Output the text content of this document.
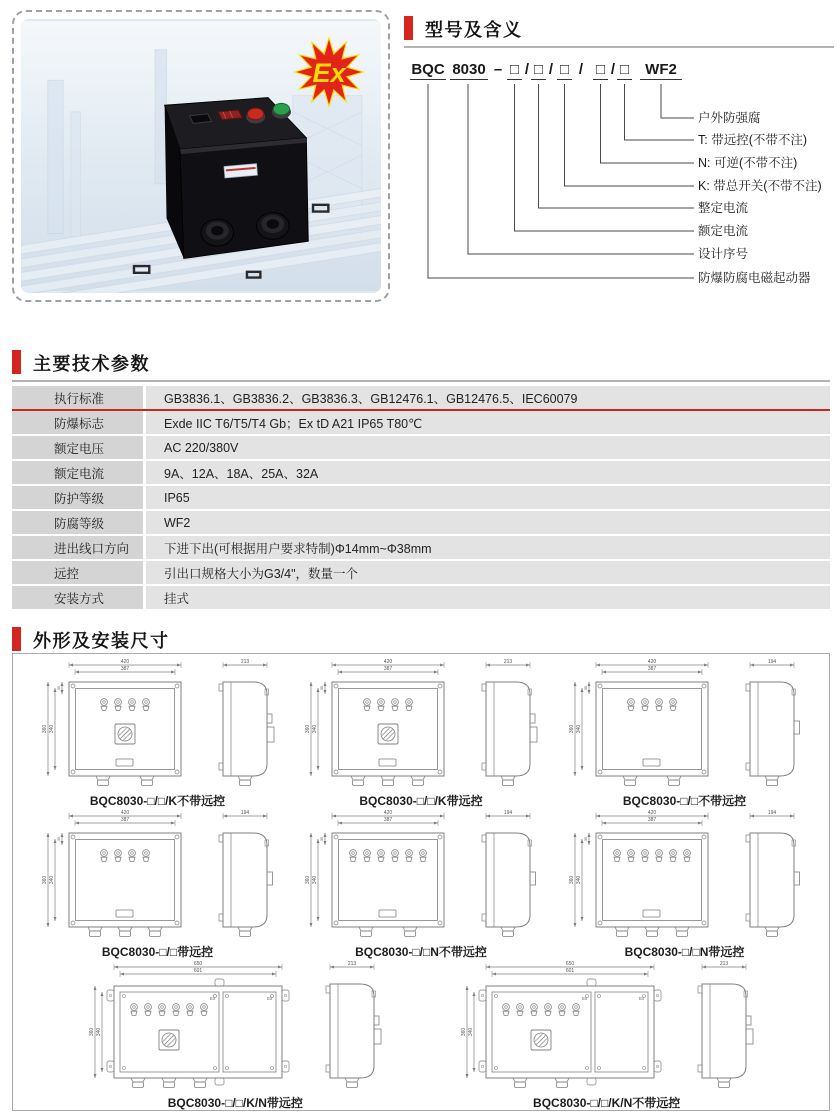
Ex
型号及含义
BQC 8030 – □ / □ / □ / □ / □	WF2
户外防强腐
T: 带远控(不带不注)
N: 可逆(不带不注)
K: 带总开关(不带不注)
整定电流
额定电流
设计序号
防爆防腐电磁起动器
主要技术参数
执行标准	GB3836.1、GB3836.2、GB3836.3、GB12476.1、GB12476.5、IEC60079
防爆标志	Exde IIC T6/T5/T4 Gb；Ex tD A21 IP65 T80℃
额定电压	AC 220/380V
额定电流	9A、12A、18A、25A、32A
防护等级	IP65
防腐等级	WF2
进出线口方向	下进下出(可根据用户要求特制)Φ14mm~Φ38mm
远控	引出口规格大小为G3/4"，数量一个
安装方式	挂式
外形及安装尺寸
420
387
360 340
35
213
BQC8030-□/□/K不带远控
420
387
360 340
35
213
BQC8030-□/□/K带远控
420
387
360 340
35
194
BQC8030-□/□不带远控
420
387
360 340
35
194
BQC8030-□/□带远控
420
387
360 340
35
194
BQC8030-□/□N不带远控
420
387
360 340
35
194
BQC8030-□/□N带远控
650
601
360 340
Ex	Ex
213
BQC8030-□/□/K/N带远控
650
601
360 340
Ex	Ex
213
BQC8030-□/□/K/N不带远控
